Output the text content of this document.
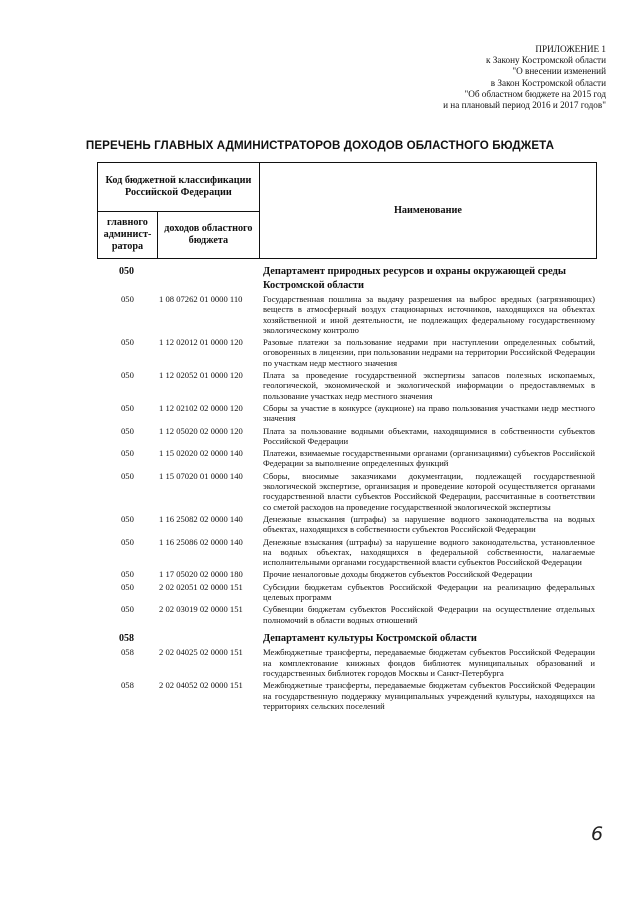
ПРИЛОЖЕНИЕ 1
к Закону Костромской области
"О внесении изменений
в Закон Костромской области
"Об областном бюджете на 2015 год
и на плановый период 2016 и 2017 годов"
ПЕРЕЧЕНЬ ГЛАВНЫХ АДМИНИСТРАТОРОВ ДОХОДОВ ОБЛАСТНОГО БЮДЖЕТА
Код бюджетной классификации Российской Федерации		Наименование
главного админист-ратора	доходов областного бюджета	
050	Департамент природных ресурсов и охраны окружающей среды Костромской области
050	1 08 07262 01 0000 110 Государственная пошлина за выдачу разрешения на выброс вредных (загрязняющих) веществ в атмосферный воздух стационарных источников, находящихся на объектах хозяйственной и иной деятельности, не подлежащих федеральному государственному экологическому контролю
050	1 12 02012 01 0000 120 Разовые платежи за пользование недрами при наступлении определенных событий, оговоренных в лицензии, при пользовании недрами на территории Российской Федерации по участкам недр местного значения
050	1 12 02052 01 0000 120 Плата за проведение государственной экспертизы запасов полезных ископаемых, геологической, экономической и экологической информации о предоставляемых в пользование участках недр местного значения
050	1 12 02102 02 0000 120 Сборы за участие в конкурсе (аукционе) на право пользования участками недр местного значения
050	1 12 05020 02 0000 120 Плата за пользование водными объектами, находящимися в собственности субъектов Российской Федерации
050	1 15 02020 02 0000 140 Платежи, взимаемые государственными органами (организациями) субъектов Российской Федерации за выполнение определенных функций
050	1 15 07020 01 0000 140 Сборы, вносимые заказчиками документации, подлежащей государственной экологической экспертизе, организация и проведение которой осуществляется органами государственной власти субъектов Российской Федерации, рассчитанные в соответствии со сметой расходов на проведение государственной экологической экспертизы
050	1 16 25082 02 0000 140 Денежные взыскания (штрафы) за нарушение водного законодательства на водных объектах, находящихся в собственности субъектов Российской Федерации
050	1 16 25086 02 0000 140 Денежные взыскания (штрафы) за нарушение водного законодательства, установленное на водных объектах, находящихся в федеральной собственности, налагаемые исполнительными органами государственной власти субъектов Российской Федерации
050	1 17 05020 02 0000 180 Прочие неналоговые доходы бюджетов субъектов Российской Федерации
050	2 02 02051 02 0000 151 Субсидии бюджетам субъектов Российской Федерации на реализацию федеральных целевых программ
050	2 02 03019 02 0000 151 Субвенции бюджетам субъектов Российской Федерации на осуществление отдельных полномочий в области водных отношений
058	Департамент культуры Костромской области
058	2 02 04025 02 0000 151 Межбюджетные трансферты, передаваемые бюджетам субъектов Российской Федерации на комплектование книжных фондов библиотек муниципальных образований и государственных библиотек городов Москвы и Санкт-Петербурга
058	2 02 04052 02 0000 151 Межбюджетные трансферты, передаваемые бюджетам субъектов Российской Федерации на государственную поддержку муниципальных учреждений культуры, находящихся на территориях сельских поселений
6
